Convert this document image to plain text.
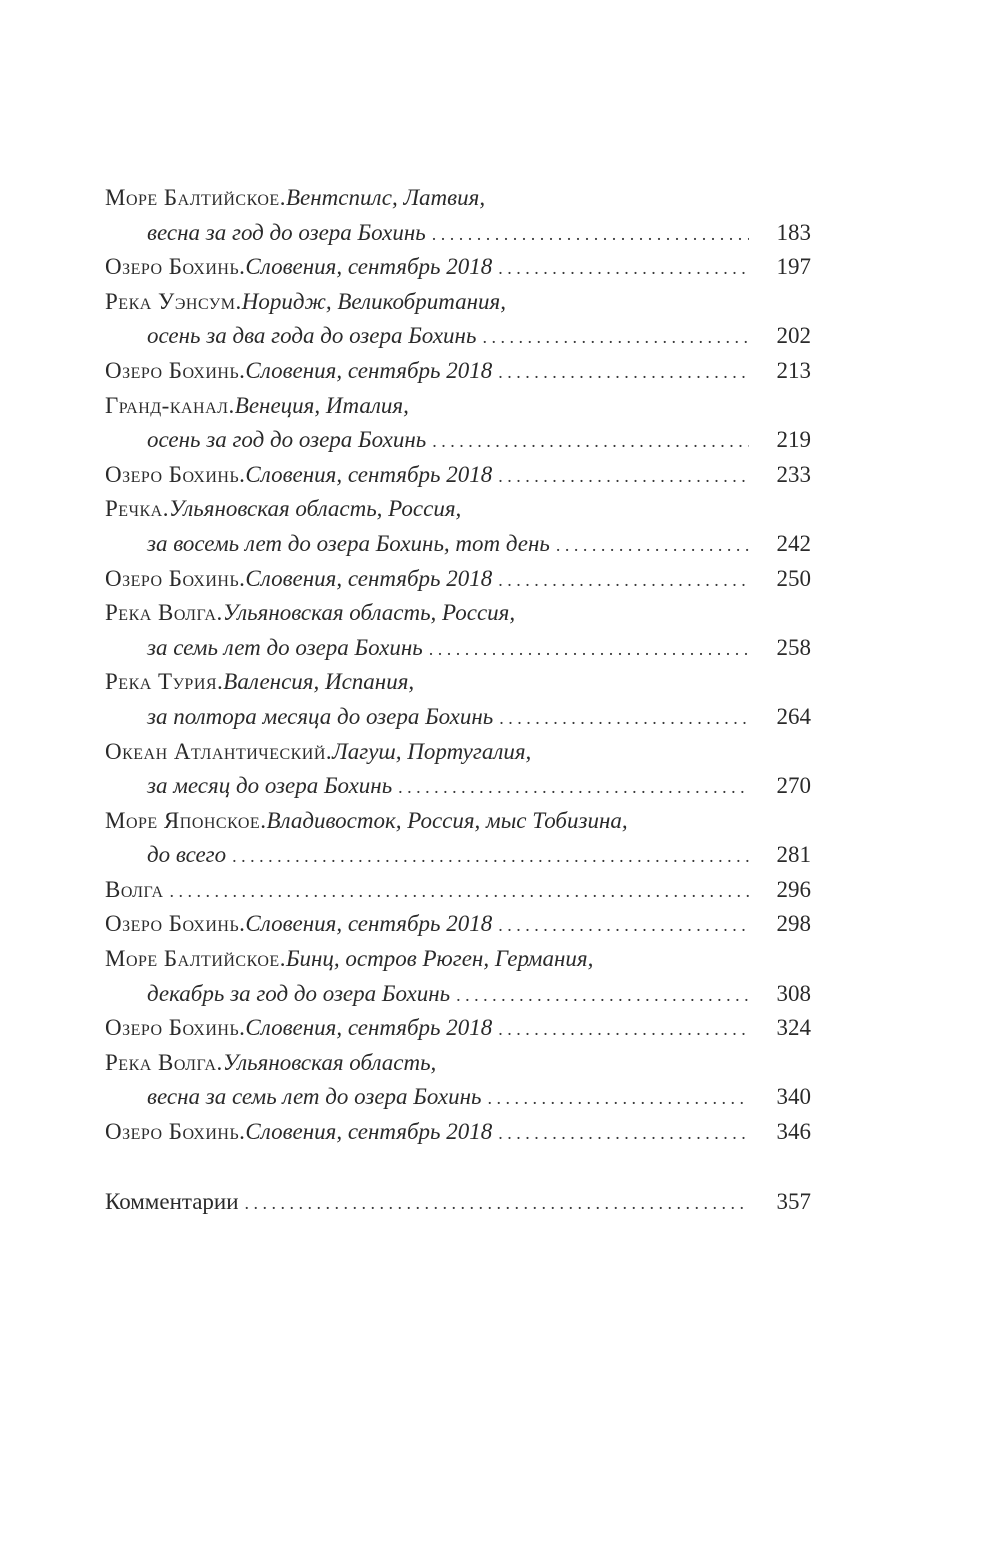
Море Балтийское. Вентспилс, Латвия,
весна за год до озера Бохинь . . .	183
Озеро Бохинь. Словения, сентябрь 2018 . . .	197
Река Уэнсум. Норидж, Великобритания,
осень за два года до озера Бохинь . . .	202
Озеро Бохинь. Словения, сентябрь 2018 . . .	213
Гранд-канал. Венеция, Италия,
осень за год до озера Бохинь . . .	219
Озеро Бохинь. Словения, сентябрь 2018 . . .	233
Речка. Ульяновская область, Россия,
за восемь лет до озера Бохинь, тот день . . .	242
Озеро Бохинь. Словения, сентябрь 2018 . . .	250
Река Волга. Ульяновская область, Россия,
за семь лет до озера Бохинь . . .	258
Река Турия. Валенсия, Испания,
за полтора месяца до озера Бохинь . . .	264
Океан Атлантический. Лагуш, Португалия,
за месяц до озера Бохинь . . .	270
Море Японское. Владивосток, Россия, мыс Тобизина,
до всего . . .	281
Волга . . .	296
Озеро Бохинь. Словения, сентябрь 2018 . . .	298
Море Балтийское. Бинц, остров Рюген, Германия,
декабрь за год до озера Бохинь . . .	308
Озеро Бохинь. Словения, сентябрь 2018 . . .	324
Река Волга. Ульяновская область,
весна за семь лет до озера Бохинь . . .	340
Озеро Бохинь. Словения, сентябрь 2018 . . .	346
Комментарии . . .	357
